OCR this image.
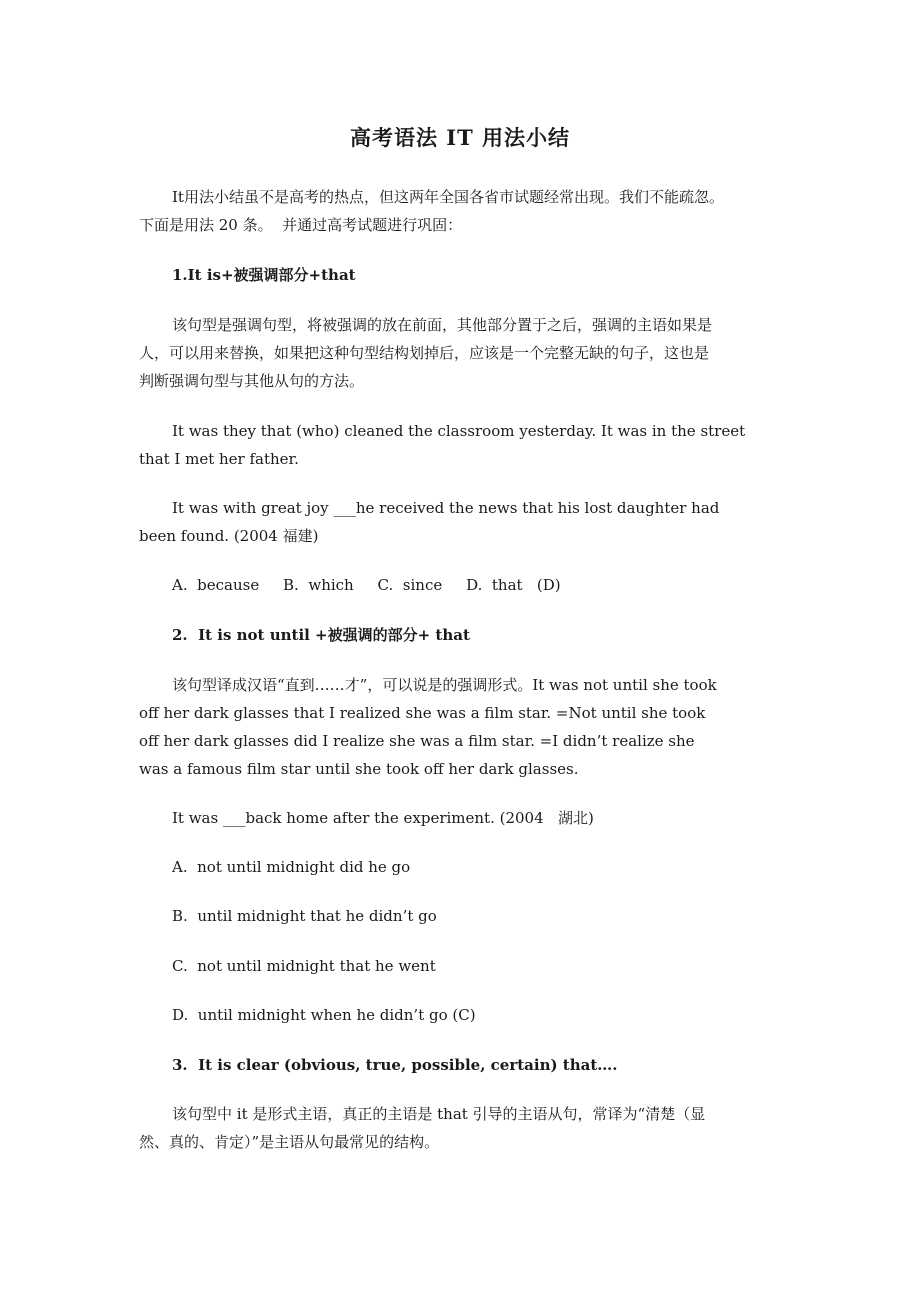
高考语法 IT 用法小结
It用法小结虽不是高考的热点，但这两年全国各省市试题经常出现。我们不能疏忽。
下面是用法 20 条。  并通过高考试题进行巩固：
1.It is+被强调部分+that
该句型是强调句型，将被强调的放在前面，其他部分置于之后，强调的主语如果是
人，可以用来替换，如果把这种句型结构划掉后，应该是一个完整无缺的句子，这也是
判断强调句型与其他从句的方法。
It was they that (who) cleaned the classroom yesterday. It was in the street
that I met her father.
It was with great joy ___he received the news that his lost daughter had
been found. (2004 福建)
A.  because     B.  which     C.  since     D.  that   (D)
2.  It is not until +被强调的部分+ that
该句型译成汉语“直到……才”，可以说是的强调形式。It was not until she took
off her dark glasses that I realized she was a film star. =Not until she took
off her dark glasses did I realize she was a film star. =I didn’t realize she
was a famous film star until she took off her dark glasses.
It was ___back home after the experiment. (2004   湖北)
A.  not until midnight did he go
B.  until midnight that he didn’t go
C.  not until midnight that he went
D.  until midnight when he didn’t go (C)
3.  It is clear (obvious, true, possible, certain) that….
该句型中 it 是形式主语，真正的主语是 that 引导的主语从句，常译为“清楚（显
然、真的、肯定）”是主语从句最常见的结构。
